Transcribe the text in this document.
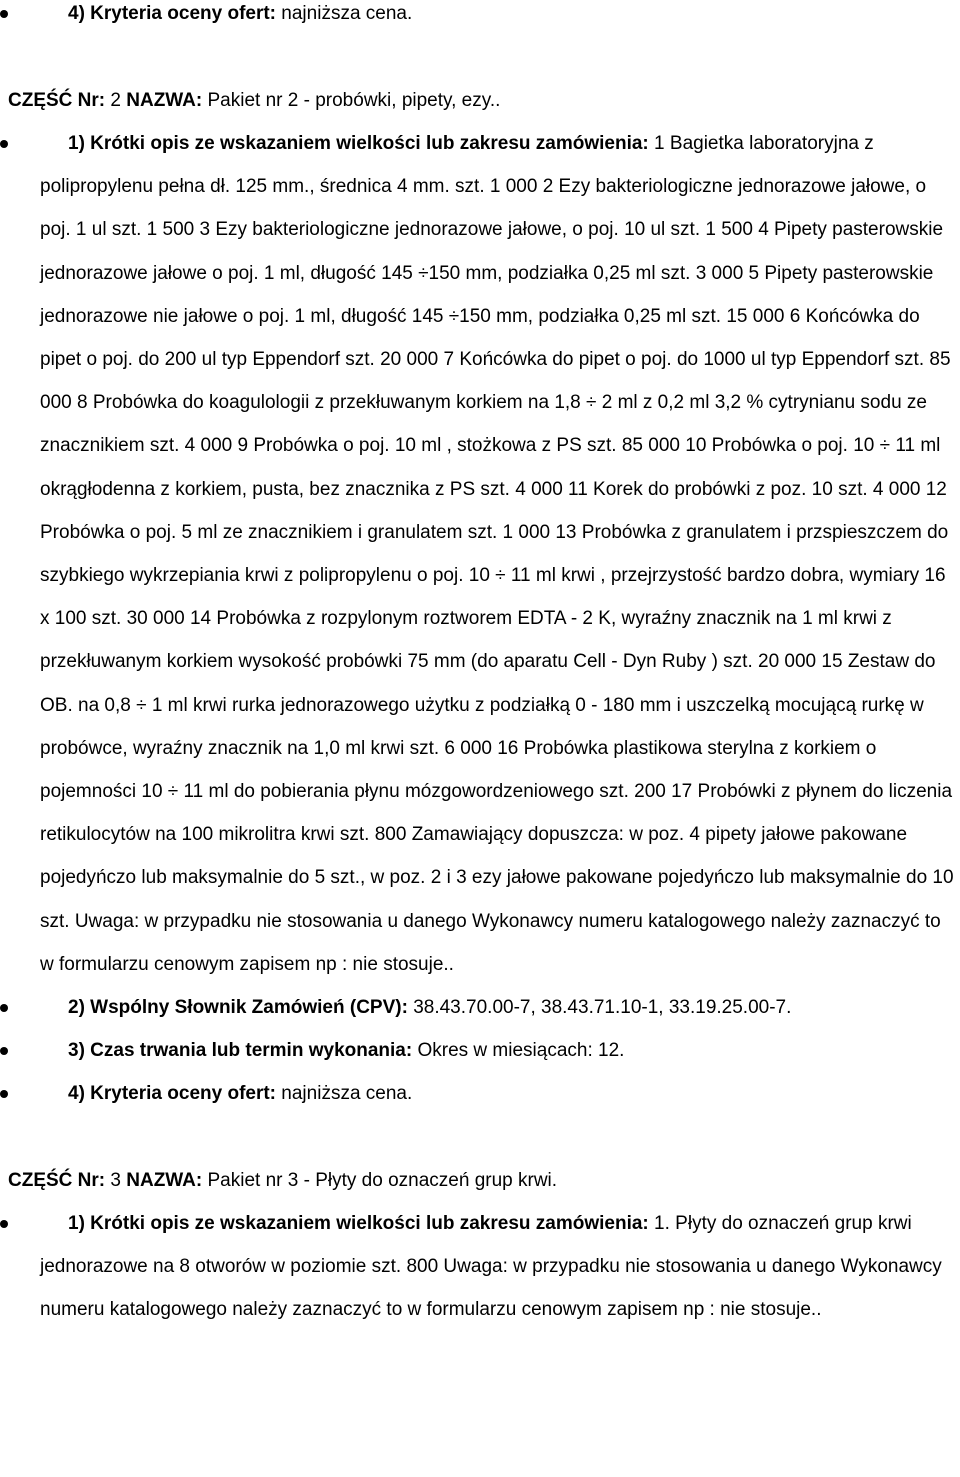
4) Kryteria oceny ofert: najniższa cena.
CZĘŚĆ Nr: 2 NAZWA: Pakiet nr 2 - probówki, pipety, ezy..
1) Krótki opis ze wskazaniem wielkości lub zakresu zamówienia: 1 Bagietka laboratoryjna z polipropylenu pełna dł. 125 mm., średnica 4 mm. szt. 1 000 2 Ezy bakteriologiczne jednorazowe jałowe, o poj. 1 ul szt. 1 500 3 Ezy bakteriologiczne jednorazowe jałowe, o poj. 10 ul szt. 1 500 4 Pipety pasterowskie jednorazowe jałowe o poj. 1 ml, długość 145 ÷150 mm, podziałka 0,25 ml szt. 3 000 5 Pipety pasterowskie jednorazowe nie jałowe o poj. 1 ml, długość 145 ÷150 mm, podziałka 0,25 ml szt. 15 000 6 Końcówka do pipet o poj. do 200 ul typ Eppendorf szt. 20 000 7 Końcówka do pipet o poj. do 1000 ul typ Eppendorf szt. 85 000 8 Probówka do koagulologii z przekłuwanym korkiem na 1,8 ÷ 2 ml z 0,2 ml 3,2 % cytrynianu sodu ze znacznikiem szt. 4 000 9 Probówka o poj. 10 ml , stożkowa z PS szt. 85 000 10 Probówka o poj. 10 ÷ 11 ml okrągłodenna z korkiem, pusta, bez znacznika z PS szt. 4 000 11 Korek do probówki z poz. 10 szt. 4 000 12 Probówka o poj. 5 ml ze znacznikiem i granulatem szt. 1 000 13 Probówka z granulatem i przspieszczem do szybkiego wykrzepiania krwi z polipropylenu o poj. 10 ÷ 11 ml krwi , przejrzystość bardzo dobra, wymiary 16 x 100 szt. 30 000 14 Probówka z rozpylonym roztworem EDTA - 2 K, wyraźny znacznik na 1 ml krwi z przekłuwanym korkiem wysokość probówki 75 mm (do aparatu Cell - Dyn Ruby ) szt. 20 000 15 Zestaw do OB. na 0,8 ÷ 1 ml krwi rurka jednorazowego użytku z podziałką 0 - 180 mm i uszczelką mocującą rurkę w probówce, wyraźny znacznik na 1,0 ml krwi szt. 6 000 16 Probówka plastikowa sterylna z korkiem o pojemności 10 ÷ 11 ml do pobierania płynu mózgowordzeniowego szt. 200 17 Probówki z płynem do liczenia retikulocytów na 100 mikrolitra krwi szt. 800 Zamawiający dopuszcza: w poz. 4 pipety jałowe pakowane pojedyńczo lub maksymalnie do 5 szt., w poz. 2 i 3 ezy jałowe pakowane pojedyńczo lub maksymalnie do 10 szt. Uwaga: w przypadku nie stosowania u danego Wykonawcy numeru katalogowego należy zaznaczyć to w formularzu cenowym zapisem np : nie stosuje..
2) Wspólny Słownik Zamówień (CPV): 38.43.70.00-7, 38.43.71.10-1, 33.19.25.00-7.
3) Czas trwania lub termin wykonania: Okres w miesiącach: 12.
4) Kryteria oceny ofert: najniższa cena.
CZĘŚĆ Nr: 3 NAZWA: Pakiet nr 3 - Płyty do oznaczeń grup krwi.
1) Krótki opis ze wskazaniem wielkości lub zakresu zamówienia: 1. Płyty do oznaczeń grup krwi jednorazowe na 8 otworów w poziomie szt. 800 Uwaga: w przypadku nie stosowania u danego Wykonawcy numeru katalogowego należy zaznaczyć to w formularzu cenowym zapisem np : nie stosuje..
